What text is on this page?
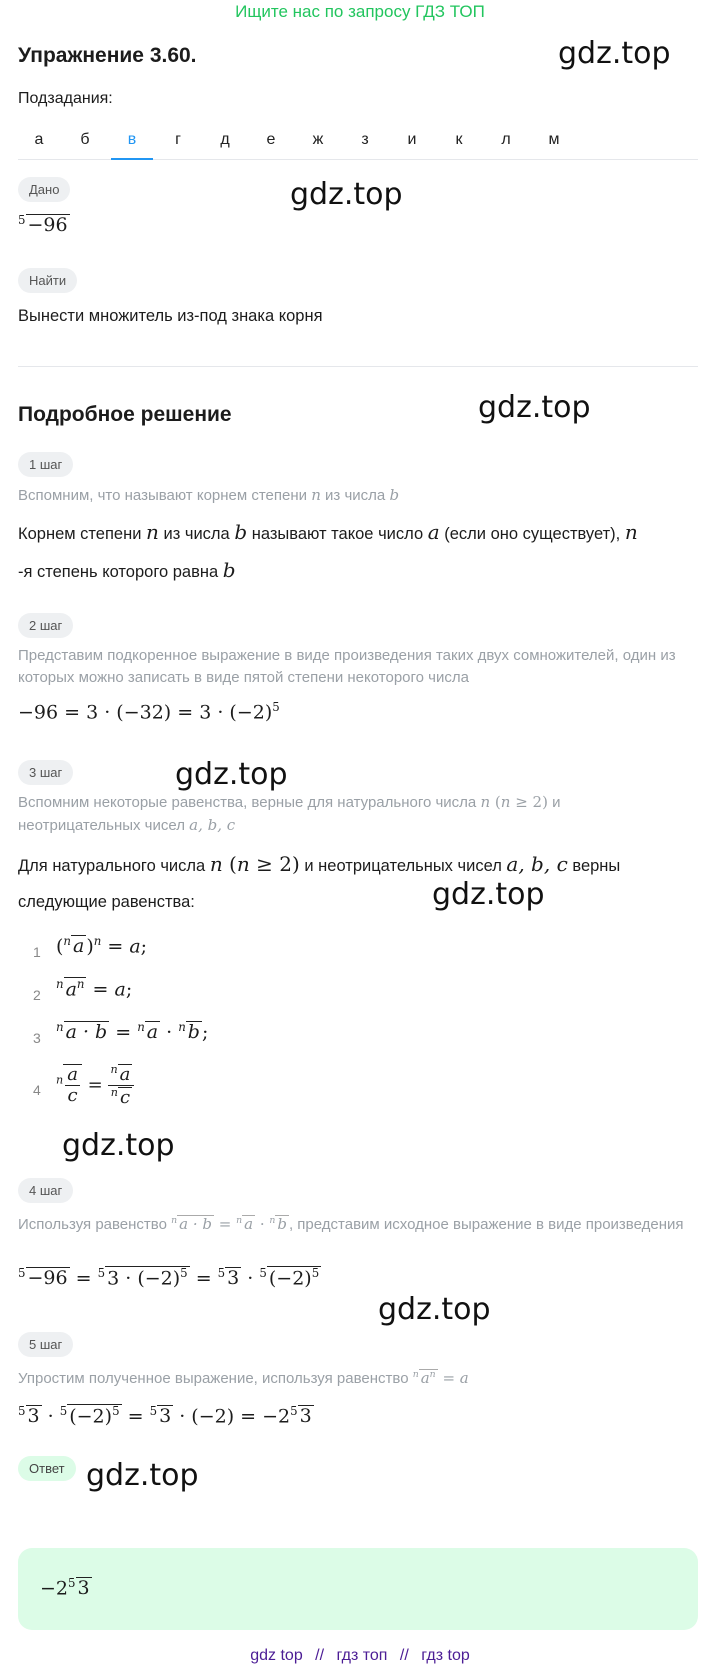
Ищите нас по запросу ГДЗ ТОП
Упражнение 3.60.	gdz.top
Подзадания:
а	б	в	г	д	е	ж	з	и	к	л	м
Дано	gdz.top
$^5$ −96
Найти
Вынести множитель из-под знака корня
Подробное решение	gdz.top
1 шаг
Вспомним, что называют корнем степени n из числа b
Корнем степени n из числа b называют такое число a (если оно существует), n
-я степень которого равна b
2 шаг
Представим подкоренное выражение в виде произведения таких двух сомножителей, один из которых можно записать в виде пятой степени некоторого числа
$-96 = 3 \cdot (-32) = 3 \cdot (-2)^5$
3 шаг	gdz.top
Вспомним некоторые равенства, верные для натурального числа n (n ≥ 2) и
неотрицательных чисел a, b, c
Для натурального числа n (n ≥ 2) и неотрицательных чисел a, b, c верны
следующие равенства:	gdz.top
1 ($^n$ a )$^n$ = a;
2
$^n$ $a^n = a$;
3
$^n$ a · b = $^n$ a · $^n$ b ;
4
$^n \frac{a}{c} = \frac{^n a}{^n c}$
gdz.top
4 шаг
Используя равенство $^n$ a · b = $^n$ a · $^n$ b , представим исходное выражение в виде произведения
$^5$ −96 = $^5$ $3 \cdot (-2)^5 = ^5$ 3 · $^5$ $(-2)^5$
gdz.top
5 шаг
Упростим полученное выражение, используя равенство $^n$ $a^n = a$
$^5$ 3 · $^5$ $(-2)^5 = ^5$ $3 \cdot (-2) = -2^5$ 3
Ответ gdz.top
$-2^5$ 3
gdz top // гдз топ // гдз top
